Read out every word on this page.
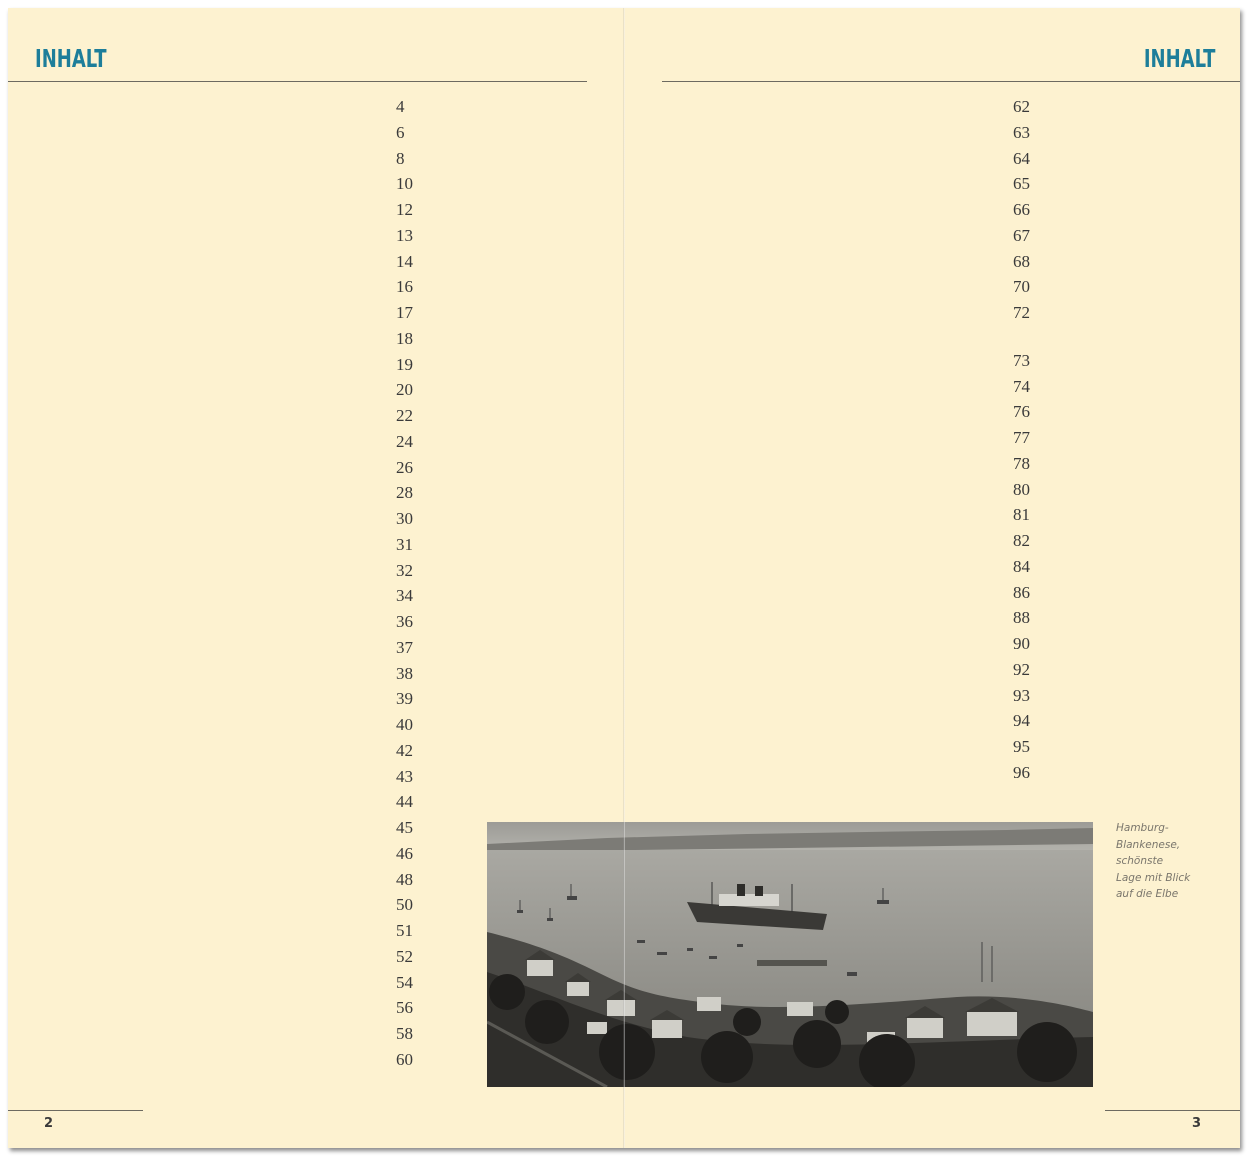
INHALT
4
6
8
10
12
13
14
16
17
18
19
20
22
24
26
28
30
31
32
34
36
37
38
39
40
42
43
44
45
46
48
50
51
52
54
56
58
60
2
INHALT
62
63
64
65
66
67
68
70
72
73
74
76
77
78
80
81
82
84
86
88
90
92
93
94
95
96
Hamburg-
Blankenese,
schönste
Lage mit Blick
auf die Elbe
3
